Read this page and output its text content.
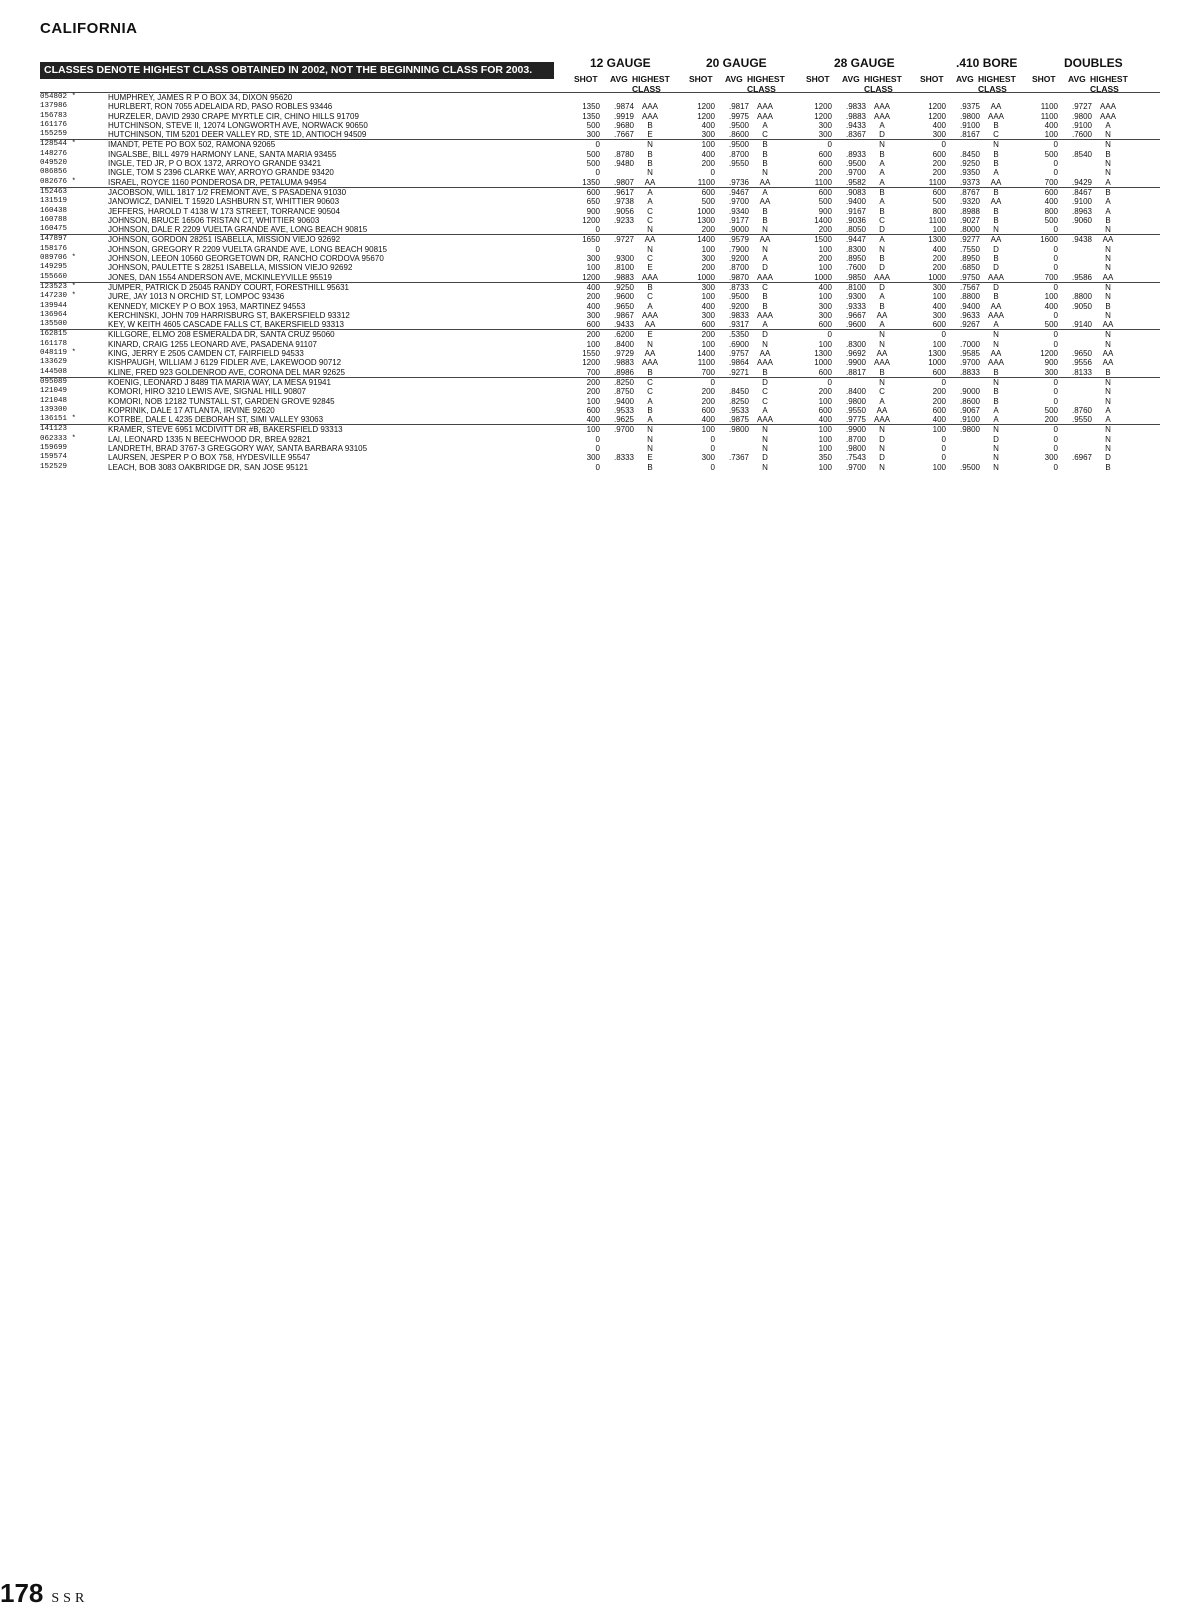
CALIFORNIA
CLASSES DENOTE HIGHEST CLASS OBTAINED IN 2002, NOT THE BEGINNING CLASS FOR 2003.	12 GAUGE	20 GAUGE	28 GAUGE	.410 BORE	DOUBLES
SHOT AVG HIGHEST CLASS
SHOT AVG HIGHEST CLASS
SHOT AVG HIGHEST CLASS
SHOT AVG HIGHEST CLASS
SHOT AVG HIGHEST CLASS
054802 *	HUMPHREY, JAMES R P O BOX 34, DIXON 95620
137986	HURLBERT, RON 7055 ADELAIDA RD, PASO ROBLES 93446	1350	.9874 AAA	1200	.9817 AAA	1200	.9833 AAA	1200	.9375	AA	1100	.9727 AAA
156783	HURZELER, DAVID 2930 CRAPE MYRTLE CIR, CHINO HILLS 91709	1350	.9919 AAA	1200	.9975 AAA	1200	.9883 AAA	1200	.9800 AAA	1100	.9800 AAA
161176	HUTCHINSON, STEVE II, 12074 LONGWORTH AVE, NORWACK 90650	500	.9680	B	400	.9500	A	300	.9433	A	400	.9100	B	400	.9100	A
155259	HUTCHINSON, TIM 5201 DEER VALLEY RD, STE 1D, ANTIOCH 94509	300	.7667	E	300	.8600	C	300	.8367	D	300	.8167	C	100	.7600	N
128544 *	IMANDT, PETE PO BOX 502, RAMONA 92065	0	N	100	.9500	B	0	N	0	N	0	N
148276	INGALSBE, BILL 4979 HARMONY LANE, SANTA MARIA 93455	500	.8780	B	400	.8700	B	600	.8933	B	600	.8450	B	500	.8540	B
049520	INGLE, TED JR, P O BOX 1372, ARROYO GRANDE 93421	500	.9480	B	200	.9550	B	600	.9500	A	200	.9250	B	0	N
086856	INGLE, TOM S 2396 CLARKE WAY, ARROYO GRANDE 93420	0	N	0	N	200	.9700	A	200	.9350	A	0	N
082676 *	ISRAEL, ROYCE 1160 PONDEROSA DR, PETALUMA 94954	1350	.9807	AA	1100	.9736	AA	1100	.9582	A	1100	.9373	AA	700	.9429	A
152463	JACOBSON, WILL 1817 1/2 FREMONT AVE, S PASADENA 91030	600	.9617	A	600	.9467	A	600	.9083	B	600	.8767	B	600	.8467	B
131519	JANOWICZ, DANIEL T 15920 LASHBURN ST, WHITTIER 90603	650	.9738	A	500	.9700	AA	500	.9400	A	500	.9320	AA	400	.9100	A
160438	JEFFERS, HAROLD T 4138 W 173 STREET, TORRANCE 90504	900	.9056	C	1000	.9340	B	900	.9167	B	800	.8988	B	800	.8963	A
160788	JOHNSON, BRUCE 16506 TRISTAN CT, WHITTIER 90603	1200	.9233	C	1300	.9177	B	1400	.9036	C	1100	.9027	B	500	.9060	B
160475	JOHNSON, DALE R 2209 VUELTA GRANDE AVE, LONG BEACH 90815	0	N	200	.9000	N	200	.8050	D	100	.8000	N	0	N
147897	JOHNSON, GORDON 28251 ISABELLA, MISSION VIEJO 92692	1650	.9727	AA	1400	.9579	AA	1500	.9447	A	1300	.9277	AA	1600	.9438	AA
158176	JOHNSON, GREGORY R 2209 VUELTA GRANDE AVE, LONG BEACH 90815	0	N	100	.7900	N	100	.8300	N	400	.7550	D	0	N
089706 *	JOHNSON, LEEON 10560 GEORGETOWN DR, RANCHO CORDOVA 95670	300	.9300	C	300	.9200	A	200	.8950	B	200	.8950	B	0	N
149295	JOHNSON, PAULETTE S 28251 ISABELLA, MISSION VIEJO 92692	100	.8100	E	200	.8700	D	100	.7600	D	200	.6850	D	0	N
155660	JONES, DAN 1554 ANDERSON AVE, MCKINLEYVILLE 95519	1200	.9883 AAA	1000	.9870 AAA	1000	.9850 AAA	1000	.9750 AAA	700	.9586	AA
123523 *	JUMPER, PATRICK D 25045 RANDY COURT, FORESTHILL 95631	400	.9250	B	300	.8733	C	400	.8100	D	300	.7567	D	0	N
147230 *	JURE, JAY 1013 N ORCHID ST, LOMPOC 93436	200	.9600	C	100	.9500	B	100	.9300	A	100	.8800	B	100	.8800	N
139944	KENNEDY, MICKEY P O BOX 1953, MARTINEZ 94553	400	.9650	A	400	.9200	B	300	.9333	B	400	.9400	AA	400	.9050	B
136964	KERCHINSKI, JOHN 709 HARRISBURG ST, BAKERSFIELD 93312	300	.9867 AAA	300	.9833 AAA	300	.9667	AA	300	.9633 AAA	0	N
135500	KEY, W KEITH 4605 CASCADE FALLS CT, BAKERSFIELD 93313	600	.9433	AA	600	.9317	A	600	.9600	A	600	.9267	A	500	.9140	AA
162815	KILLGORE, ELMO 208 ESMERALDA DR, SANTA CRUZ 95060	200	.6200	E	200	.5350	D	0	N	0	N	0	N
161178	KINARD, CRAIG 1255 LEONARD AVE, PASADENA 91107	100	.8400	N	100	.6900	N	100	.8300	N	100	.7000	N	0	N
048119 *	KING, JERRY E 2505 CAMDEN CT, FAIRFIELD 94533	1550	.9729	AA	1400	.9757	AA	1300	.9692	AA	1300	.9585	AA	1200	.9650	AA
133629	KISHPAUGH, WILLIAM J 6129 FIDLER AVE, LAKEWOOD 90712	1200	.9883 AAA	1100	.9864 AAA	1000	.9900 AAA	1000	.9700 AAA	900	.9556	AA
144508	KLINE, FRED 923 GOLDENROD AVE, CORONA DEL MAR 92625	700	.8986	B	700	.9271	B	600	.8817	B	600	.8833	B	300	.8133	B
095089	KOENIG, LEONARD J 8489 TIA MARIA WAY, LA MESA 91941	200	.8250	C	0	D	0	N	0	N	0	N
121049	KOMORI, HIRO 3210 LEWIS AVE, SIGNAL HILL 90807	200	.8750	C	200	.8450	C	200	.8400	C	200	.9000	B	0	N
121048	KOMORI, NOB 12182 TUNSTALL ST, GARDEN GROVE 92845	100	.9400	A	200	.8250	C	100	.9800	A	200	.8600	B	0	N
139300	KOPRINIK, DALE 17 ATLANTA, IRVINE 92620	600	.9533	B	600	.9533	A	600	.9550	AA	600	.9067	A	500	.8760	A
136151 *	KOTRBE, DALE L 4235 DEBORAH ST, SIMI VALLEY 93063	400	.9625	A	400	.9875 AAA	400	.9775 AAA	400	.9100	A	200	.9550	A
141123	KRAMER, STEVE 6951 MCDIVITT DR #B, BAKERSFIELD 93313	100	.9700	N	100	.9800	N	100	.9900	N	100	.9800	N	0	N
062333 *	LAI, LEONARD 1335 N BEECHWOOD DR, BREA 92821	0	N	0	N	100	.8700	D	0	D	0	N
159699	LANDRETH, BRAD 3767-3 GREGGORY WAY, SANTA BARBARA 93105	0	N	0	N	100	.9800	N	0	N	0	N
159574	LAURSEN, JESPER P O BOX 758, HYDESVILLE 95547	300	.8333	E	300	.7367	D	350	.7543	D	0	N	300	.6967	D
152529	LEACH, BOB 3083 OAKBRIDGE DR, SAN JOSE 95121	0	B	0	N	100	.9700	N	100	.9500	N	0	B
178 SSR
